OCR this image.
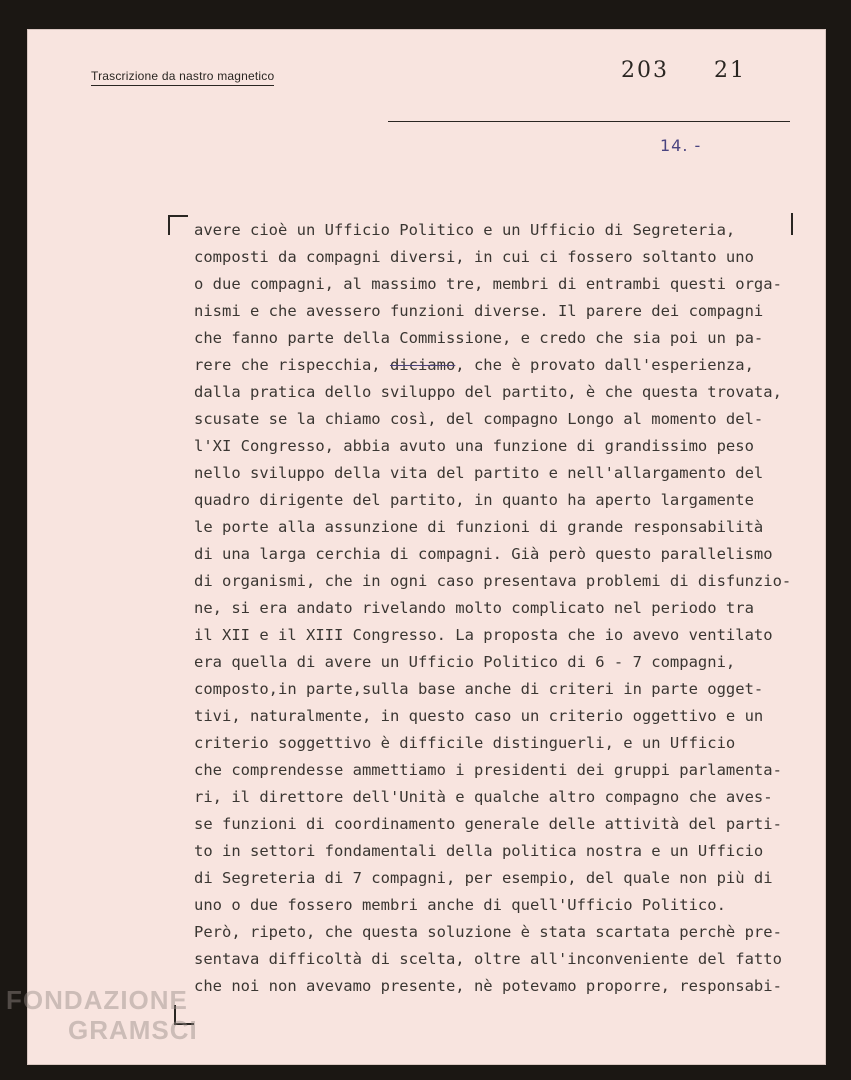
Trascrizione da nastro magnetico	203 21
14. -
avere cioè un Ufficio Politico e un Ufficio di Segreteria,
composti da compagni diversi, in cui ci fossero soltanto uno
o due compagni, al massimo tre, membri di entrambi questi orga-
nismi e che avessero funzioni diverse. Il parere dei compagni
che fanno parte della Commissione, e credo che sia poi un pa-
rere che rispecchia, diciamo, che è provato dall'esperienza,
dalla pratica dello sviluppo del partito, è che questa trovata,
scusate se la chiamo così, del compagno Longo al momento del-
l'XI Congresso, abbia avuto una funzione di grandissimo peso
nello sviluppo della vita del partito e nell'allargamento del
quadro dirigente del partito, in quanto ha aperto largamente
le porte alla assunzione di funzioni di grande responsabilità
di una larga cerchia di compagni. Già però questo parallelismo
di organismi, che in ogni caso presentava problemi di disfunzio-
ne, si era andato rivelando molto complicato nel periodo tra
il XII e il XIII Congresso. La proposta che io avevo ventilato
era quella di avere un Ufficio Politico di 6 - 7 compagni,
composto,in parte,sulla base anche di criteri in parte ogget-
tivi, naturalmente, in questo caso un criterio oggettivo e un
criterio soggettivo è difficile distinguerli, e un Ufficio
che comprendesse ammettiamo i presidenti dei gruppi parlamenta-
ri, il direttore dell'Unità e qualche altro compagno che aves-
se funzioni di coordinamento generale delle attività del parti-
to in settori fondamentali della politica nostra e un Ufficio
di Segreteria di 7 compagni, per esempio, del quale non più di
uno o due fossero membri anche di quell'Ufficio Politico.
Però, ripeto, che questa soluzione è stata scartata perchè pre-
sentava difficoltà di scelta, oltre all'inconveniente del fatto
che noi non avevamo presente, nè potevamo proporre, responsabi-
FONDAZIONE
GRAMSCI
